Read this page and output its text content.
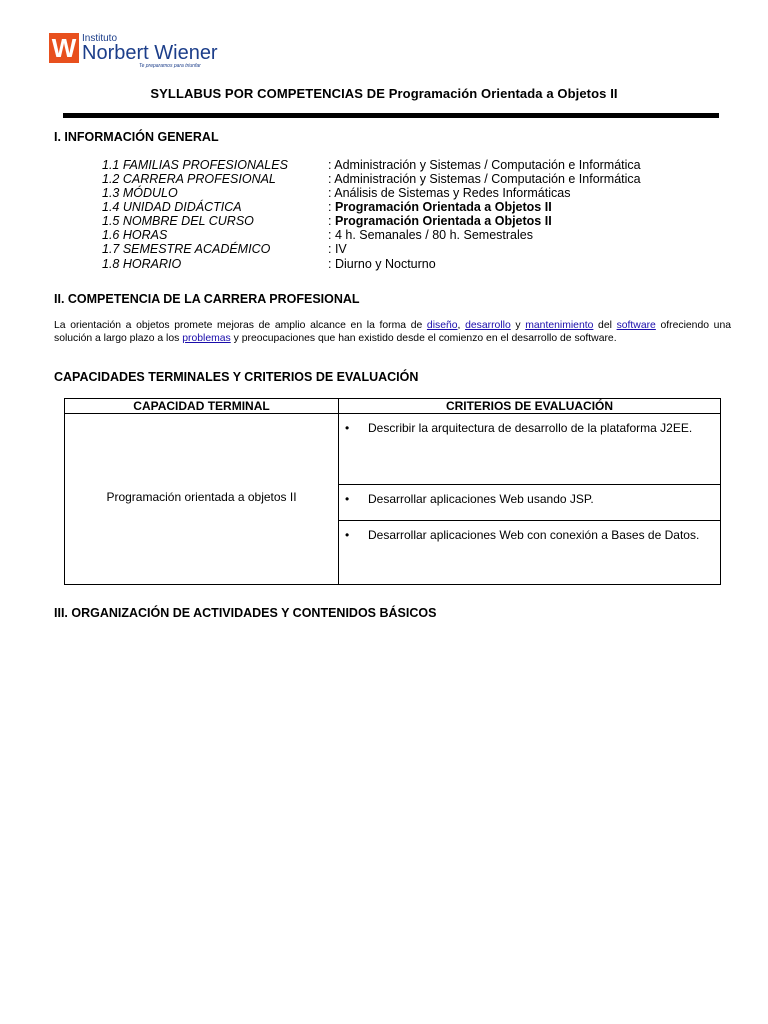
W Instituto
Norbert Wiener
Te preparamos para triunfar
SYLLABUS POR COMPETENCIAS DE Programación Orientada a Objetos II
I. INFORMACIÓN GENERAL
1.1 FAMILIAS PROFESIONALES	: Administración y Sistemas / Computación e Informática
1.2 CARRERA PROFESIONAL	: Administración y Sistemas / Computación e Informática
1.3 MÓDULO	: Análisis de Sistemas y Redes Informáticas
1.4 UNIDAD DIDÁCTICA	: Programación Orientada a Objetos II
1.5 NOMBRE DEL CURSO	: Programación Orientada a Objetos II
1.6 HORAS	: 4 h. Semanales / 80 h. Semestrales
1.7 SEMESTRE ACADÉMICO	: IV
1.8 HORARIO	: Diurno y Nocturno
II. COMPETENCIA DE LA CARRERA PROFESIONAL
La orientación a objetos promete mejoras de amplio alcance en la forma de diseño, desarrollo y mantenimiento del software ofreciendo una solución a largo plazo a los problemas y preocupaciones que han existido desde el comienzo en el desarrollo de software.
CAPACIDADES TERMINALES Y CRITERIOS DE EVALUACIÓN
CAPACIDAD TERMINAL	CRITERIOS DE EVALUACIÓN
Programación orientada a objetos II
• Describir la arquitectura de desarrollo de la plataforma J2EE.
• Desarrollar aplicaciones Web usando JSP.
• Desarrollar aplicaciones Web con conexión a Bases de Datos.
III. ORGANIZACIÓN DE ACTIVIDADES Y CONTENIDOS BÁSICOS
